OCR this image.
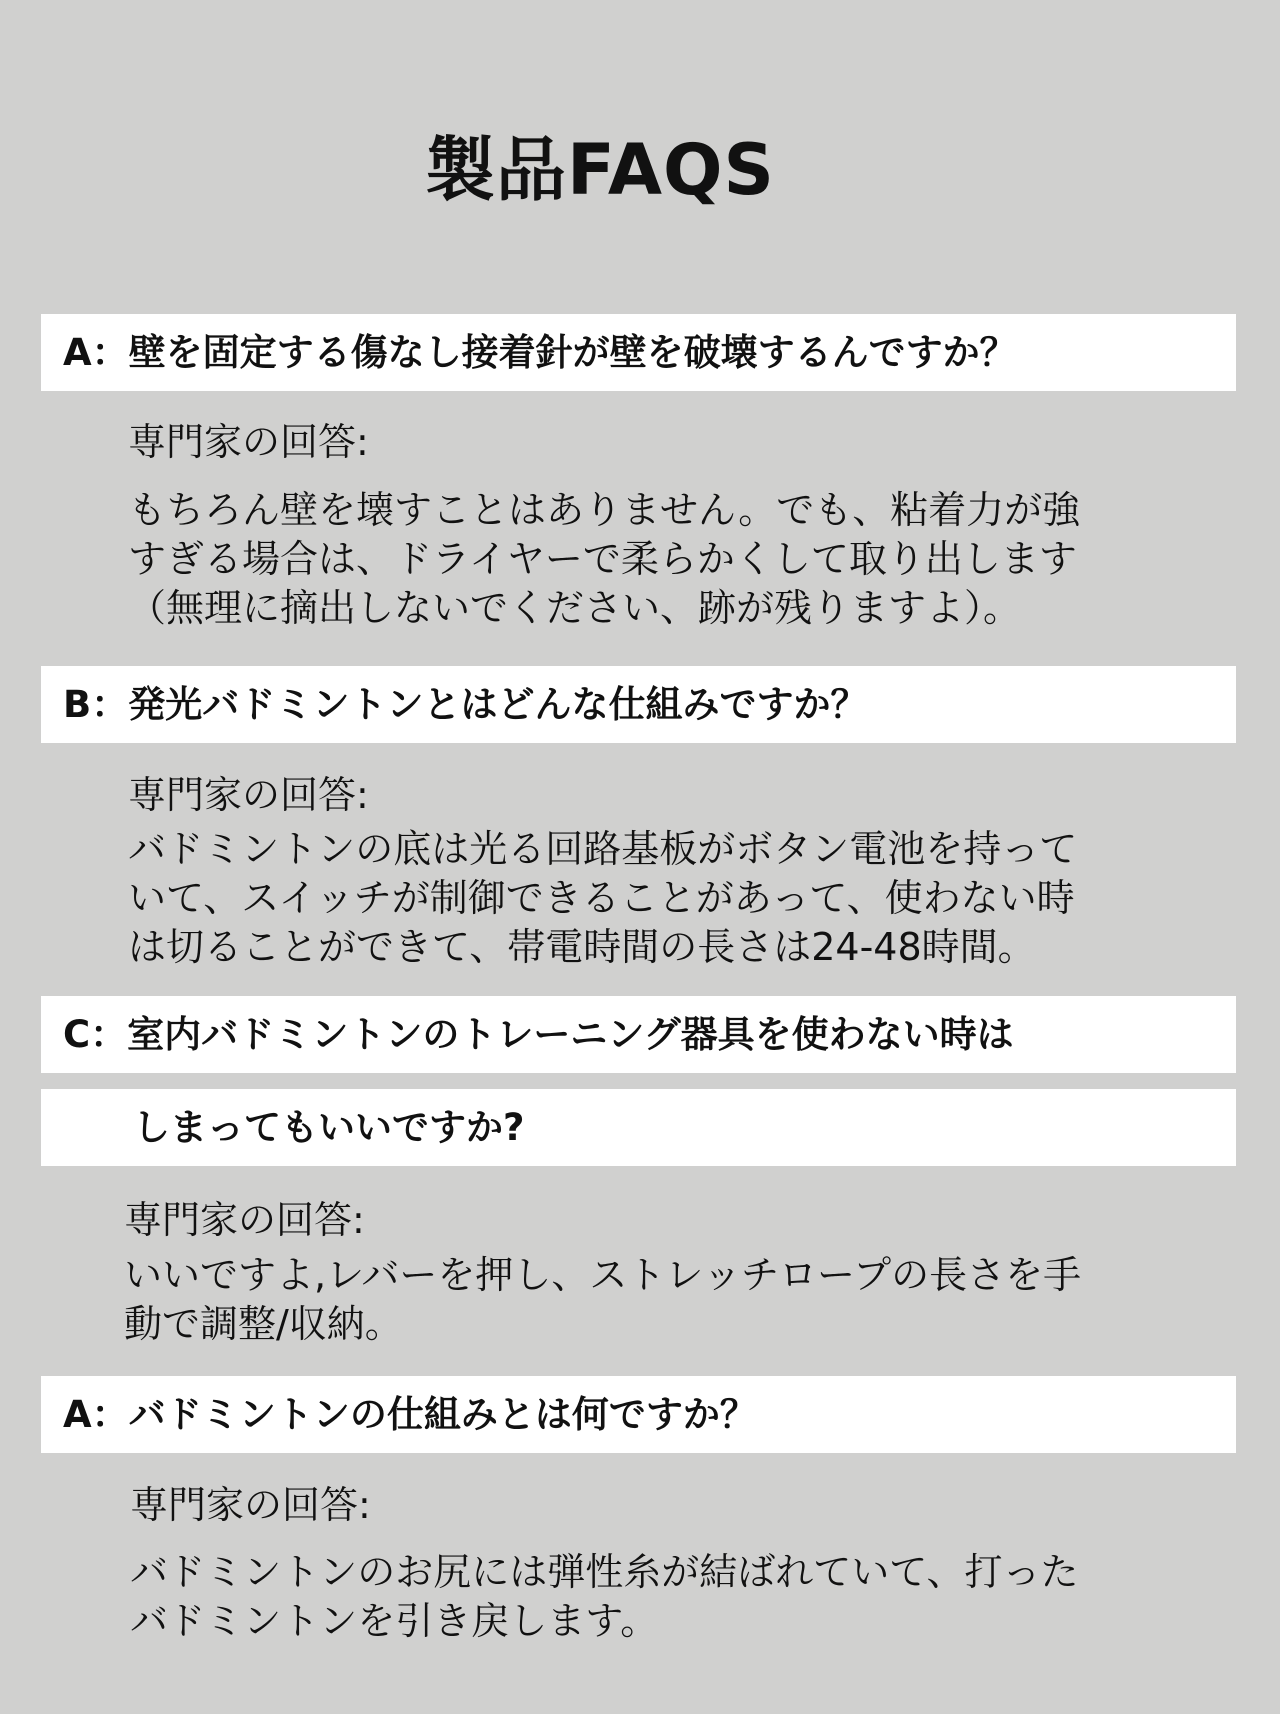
製品FAQS
A：壁を固定する傷なし接着針が壁を破壊するんですか？
専門家の回答:
もちろん壁を壊すことはありません。でも、粘着力が強
すぎる場合は、ドライヤーで柔らかくして取り出します
（無理に摘出しないでください、跡が残りますよ）。
B：発光バドミントンとはどんな仕組みですか？
専門家の回答:
バドミントンの底は光る回路基板がボタン電池を持って
いて、スイッチが制御できることがあって、使わない時
は切ることができて、帯電時間の長さは24-48時間。
C：室内バドミントンのトレーニング器具を使わない時は
しまってもいいですか?
専門家の回答:
いいですよ,レバーを押し、ストレッチロープの長さを手
動で調整/収納。
A：バドミントンの仕組みとは何ですか？
専門家の回答:
バドミントンのお尻には弾性糸が結ばれていて、打った
バドミントンを引き戻します。
